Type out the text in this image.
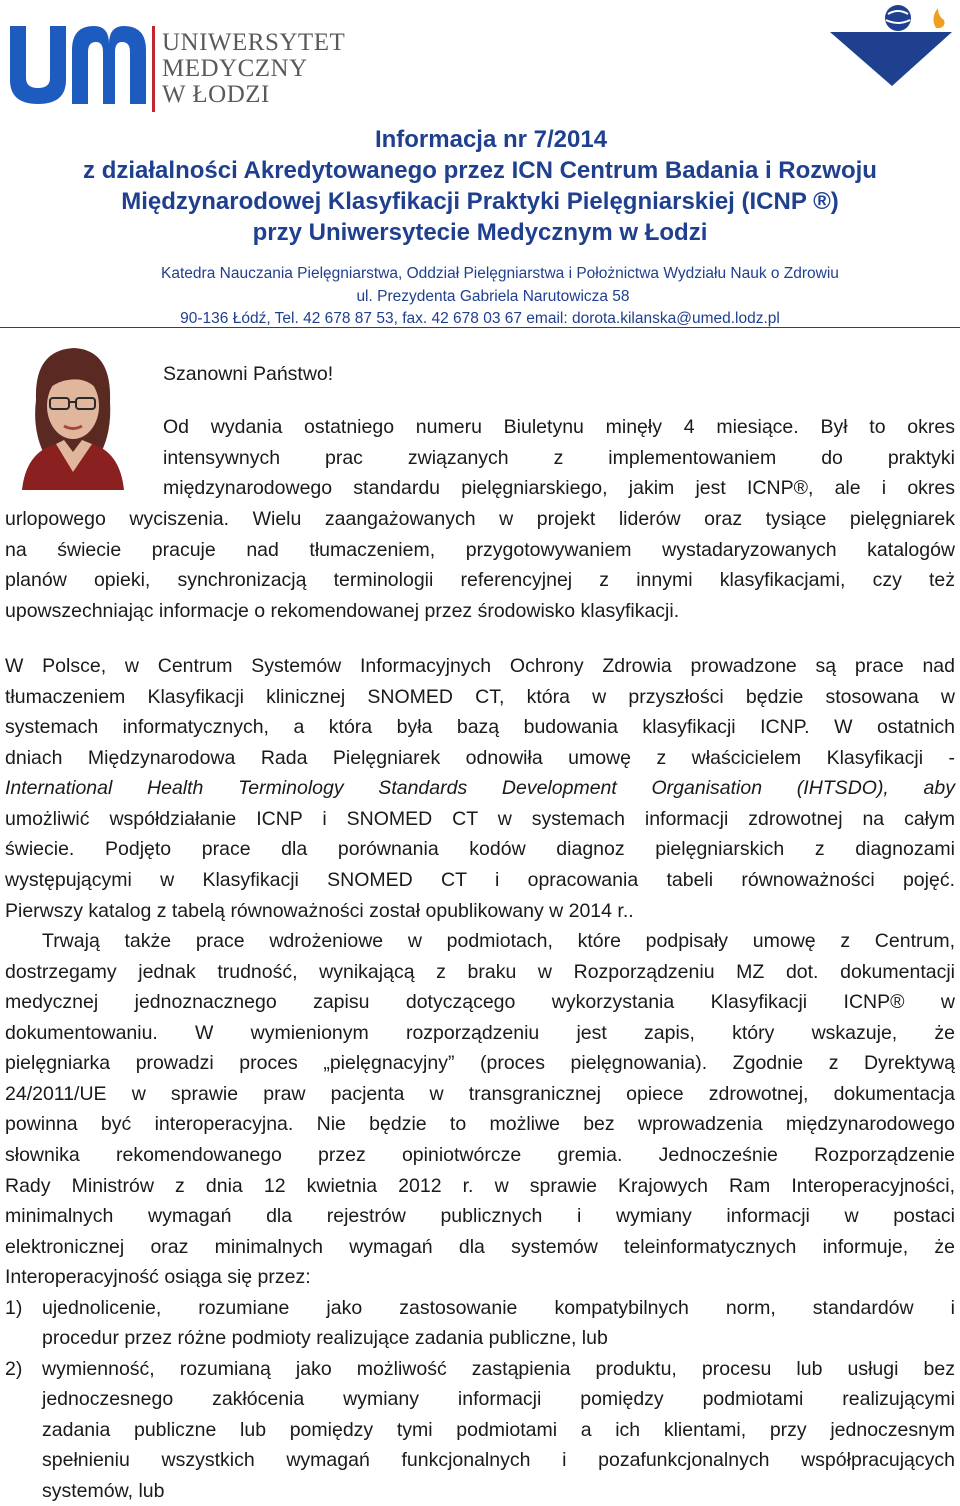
UNIWERSYTET
MEDYCZNY
W ŁODZI
Informacja nr 7/2014
z działalności Akredytowanego przez ICN Centrum Badania i Rozwoju
Międzynarodowej Klasyfikacji Praktyki Pielęgniarskiej (ICNP ®)
przy Uniwersytecie Medycznym w Łodzi
Katedra Nauczania Pielęgniarstwa, Oddział Pielęgniarstwa i Położnictwa Wydziału Nauk o Zdrowiu
ul. Prezydenta Gabriela Narutowicza 58
90-136 Łódź, Tel. 42 678 87 53, fax. 42 678 03 67 email: dorota.kilanska@umed.lodz.pl
Szanowni Państwo!
Od wydania ostatniego numeru Biuletynu minęły 4 miesiące. Był to okres
intensywnych prac związanych z implementowaniem do praktyki
międzynarodowego standardu pielęgniarskiego, jakim jest ICNP®, ale i okres
urlopowego wyciszenia. Wielu zaangażowanych w projekt liderów oraz tysiące pielęgniarek
na świecie pracuje nad tłumaczeniem, przygotowywaniem wystadaryzowanych katalogów
planów opieki, synchronizacją terminologii referencyjnej z innymi klasyfikacjami, czy też
upowszechniając informacje o rekomendowanej przez środowisko klasyfikacji.
W Polsce, w Centrum Systemów Informacyjnych Ochrony Zdrowia prowadzone są prace nad
tłumaczeniem Klasyfikacji klinicznej SNOMED CT, która w przyszłości będzie stosowana w
systemach informatycznych, a która była bazą budowania klasyfikacji ICNP. W ostatnich
dniach Międzynarodowa Rada Pielęgniarek odnowiła umowę z właścicielem Klasyfikacji -
International Health Terminology Standards Development Organisation (IHTSDO), aby
umożliwić współdziałanie ICNP i SNOMED CT w systemach informacji zdrowotnej na całym
świecie. Podjęto prace dla porównania kodów diagnoz pielęgniarskich z diagnozami
występującymi w Klasyfikacji SNOMED CT i opracowania tabeli równoważności pojęć.
Pierwszy katalog z tabelą równoważności został opublikowany w 2014 r..
Trwają także prace wdrożeniowe w podmiotach, które podpisały umowę z Centrum,
dostrzegamy jednak trudność, wynikającą z braku w Rozporządzeniu MZ dot. dokumentacji
medycznej jednoznacznego zapisu dotyczącego wykorzystania Klasyfikacji ICNP® w
dokumentowaniu. W wymienionym rozporządzeniu jest zapis, który wskazuje, że
pielęgniarka prowadzi proces „pielęgnacyjny” (proces pielęgnowania). Zgodnie z Dyrektywą
24/2011/UE w sprawie praw pacjenta w transgranicznej opiece zdrowotnej, dokumentacja
powinna być interoperacyjna. Nie będzie to możliwe bez wprowadzenia międzynarodowego
słownika rekomendowanego przez opiniotwórcze gremia. Jednocześnie Rozporządzenie
Rady Ministrów z dnia 12 kwietnia 2012 r. w sprawie Krajowych Ram Interoperacyjności,
minimalnych wymagań dla rejestrów publicznych i wymiany informacji w postaci
elektronicznej oraz minimalnych wymagań dla systemów teleinformatycznych informuje, że
Interoperacyjność osiąga się przez:
1) ujednolicenie, rozumiane jako zastosowanie kompatybilnych norm, standardów i
procedur przez różne podmioty realizujące zadania publiczne, lub
2) wymienność, rozumianą jako możliwość zastąpienia produktu, procesu lub usługi bez
jednoczesnego zakłócenia wymiany informacji pomiędzy podmiotami realizującymi
zadania publiczne lub pomiędzy tymi podmiotami a ich klientami, przy jednoczesnym
spełnieniu wszystkich wymagań funkcjonalnych i pozafunkcjonalnych współpracujących
systemów, lub
